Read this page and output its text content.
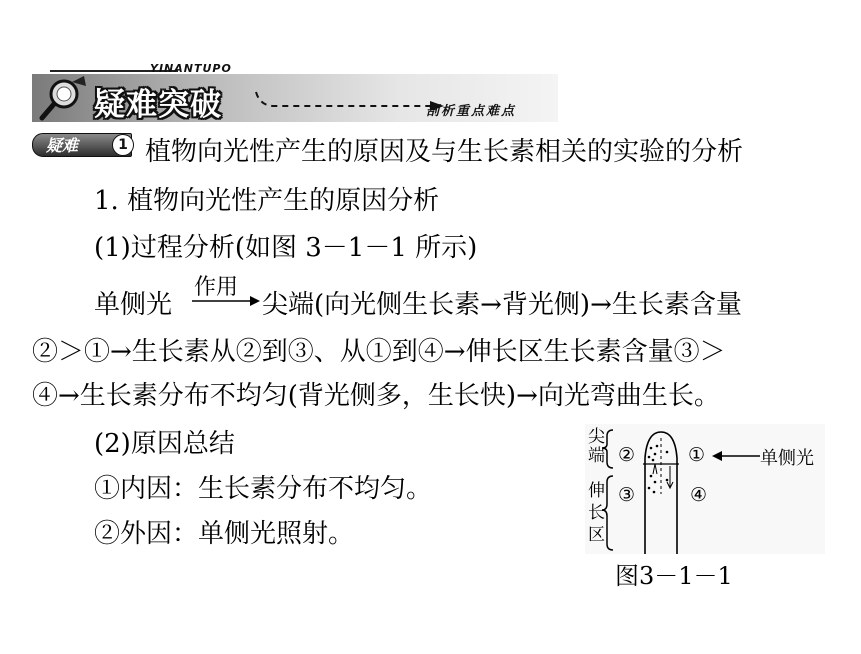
YINANTUPO
疑难突破	剖析重点难点
疑难	1 植物向光性产生的原因及与生长素相关的实验的分析
1. 植物向光性产生的原因分析
(1)过程分析(如图 3－1－1 所示)
单侧光
作用
尖端(向光侧生长素→背光侧)→生长素含量
②＞①→生长素从②到③、从①到④→伸长区生长素含量③＞
④→生长素分布不均匀(背光侧多，生长快)→向光弯曲生长。
(2)原因总结
①内因：生长素分布不均匀。
②外因：单侧光照射。
尖端
伸长区
②	①
③	④
单侧光
图3－1－1
